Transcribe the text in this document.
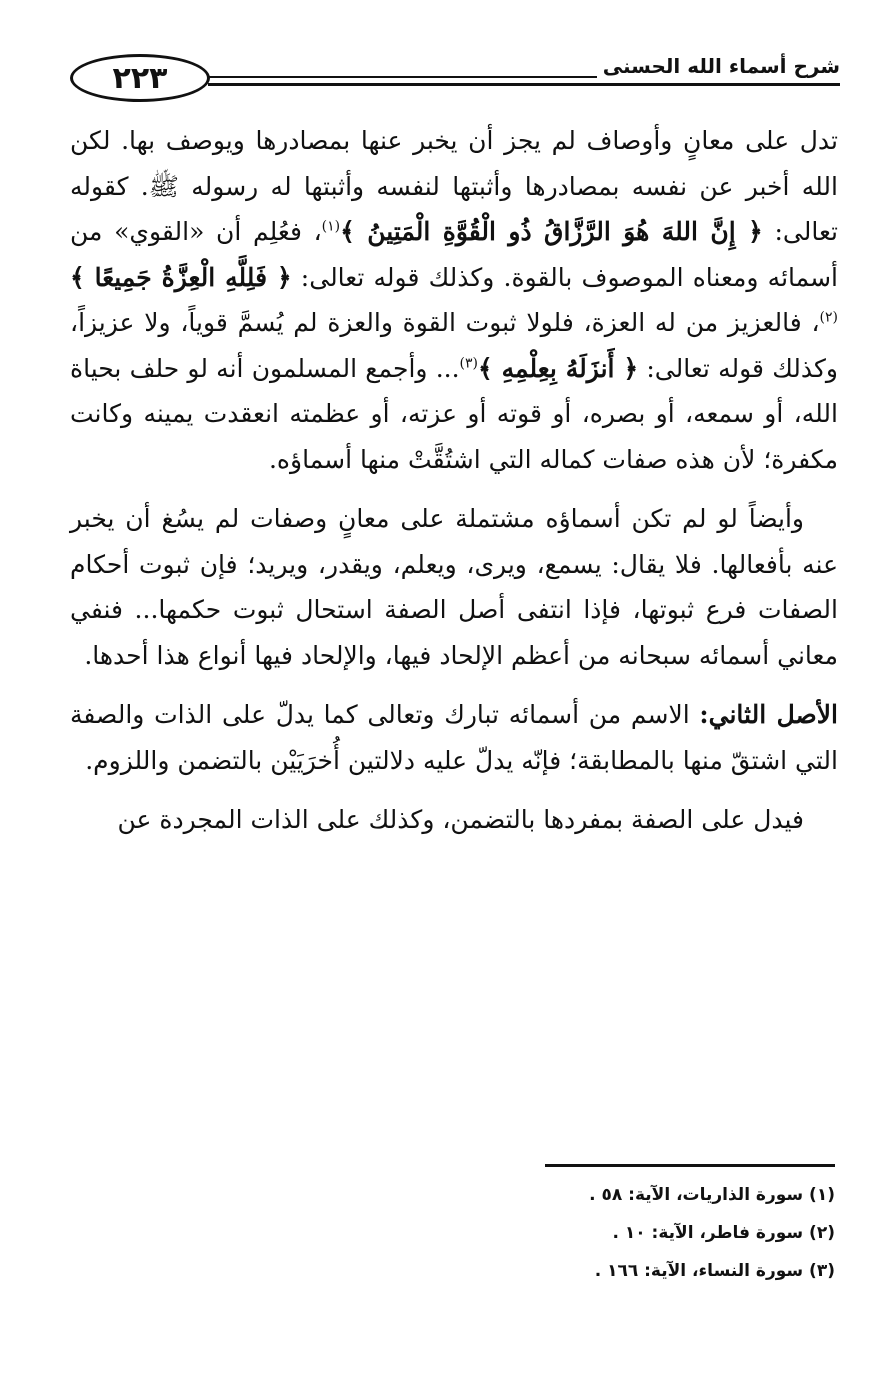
٢٢٣	شرح أسماء الله الحسنى

تدل على معانٍ وأوصاف لم يجز أن يخبر عنها بمصادرها ويوصف بها. لكن الله أخبر عن نفسه بمصادرها وأثبتها لنفسه وأثبتها له رسوله ﷺ. كقوله تعالى: ﴿ إِنَّ اللهَ هُوَ الرَّزَّاقُ ذُو الْقُوَّةِ الْمَتِينُ ﴾$^{(١)}$، فعُلِم أن «القوي» من أسمائه ومعناه الموصوف بالقوة. وكذلك قوله تعالى: ﴿ فَلِلَّهِ الْعِزَّةُ جَمِيعًا ﴾$^{(٢)}$، فالعزيز من له العزة، فلولا ثبوت القوة والعزة لم يُسمَّ قوياً، ولا عزيزاً، وكذلك قوله تعالى: ﴿ أَنزَلَهُ بِعِلْمِهِ ﴾$^{(٣)}$... وأجمع المسلمون أنه لو حلف بحياة الله، أو سمعه، أو بصره، أو قوته أو عزته، أو عظمته انعقدت يمينه وكانت مكفرة؛ لأن هذه صفات كماله التي اشتُقَّتْ منها أسماؤه.

وأيضاً لو لم تكن أسماؤه مشتملة على معانٍ وصفات لم يسُغ أن يخبر عنه بأفعالها. فلا يقال: يسمع، ويرى، ويعلم، ويقدر، ويريد؛ فإن ثبوت أحكام الصفات فرع ثبوتها، فإذا انتفى أصل الصفة استحال ثبوت حكمها... فنفي معاني أسمائه سبحانه من أعظم الإلحاد فيها، والإلحاد فيها أنواع هذا أحدها.

الأصل الثاني: الاسم من أسمائه تبارك وتعالى كما يدلّ على الذات والصفة التي اشتقّ منها بالمطابقة؛ فإنّه يدلّ عليه دلالتين أُخرَيَيْن بالتضمن واللزوم.

فيدل على الصفة بمفردها بالتضمن، وكذلك على الذات المجردة عن

(١) سورة الذاريات، الآية: ٥٨ .
(٢) سورة فاطر، الآية: ١٠ .
(٣) سورة النساء، الآية: ١٦٦ .
